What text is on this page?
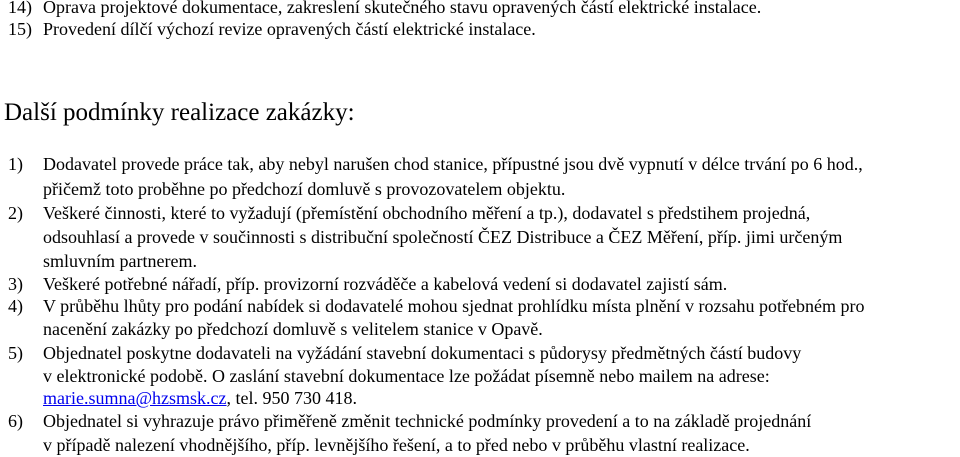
14) Oprava projektové dokumentace, zakreslení skutečného stavu opravených částí elektrické instalace.
15) Provedení dílčí výchozí revize opravených částí elektrické instalace.
Další podmínky realizace zakázky:
1) Dodavatel provede práce tak, aby nebyl narušen chod stanice, přípustné jsou dvě vypnutí v délce trvání po 6 hod.,
přičemž toto proběhne po předchozí domluvě s provozovatelem objektu.
2) Veškeré činnosti, které to vyžadují (přemístění obchodního měření a tp.), dodavatel s předstihem projedná,
odsouhlasí a provede v součinnosti s distribuční společností ČEZ Distribuce a ČEZ Měření, příp. jimi určeným
smluvním partnerem.
3) Veškeré potřebné nářadí, příp. provizorní rozváděče a kabelová vedení si dodavatel zajistí sám.
4) V průběhu lhůty pro podání nabídek si dodavatelé mohou sjednat prohlídku místa plnění v rozsahu potřebném pro
nacenění zakázky po předchozí domluvě s velitelem stanice v Opavě.
5) Objednatel poskytne dodavateli na vyžádání stavební dokumentaci s půdorysy předmětných částí budovy
v elektronické podobě. O zaslání stavební dokumentace lze požádat písemně nebo mailem na adrese:
marie.sumna@hzsmsk.cz, tel. 950 730 418.
6) Objednatel si vyhrazuje právo přiměřeně změnit technické podmínky provedení a to na základě projednání
v případě nalezení vhodnějšího, příp. levnějšího řešení, a to před nebo v průběhu vlastní realizace.
